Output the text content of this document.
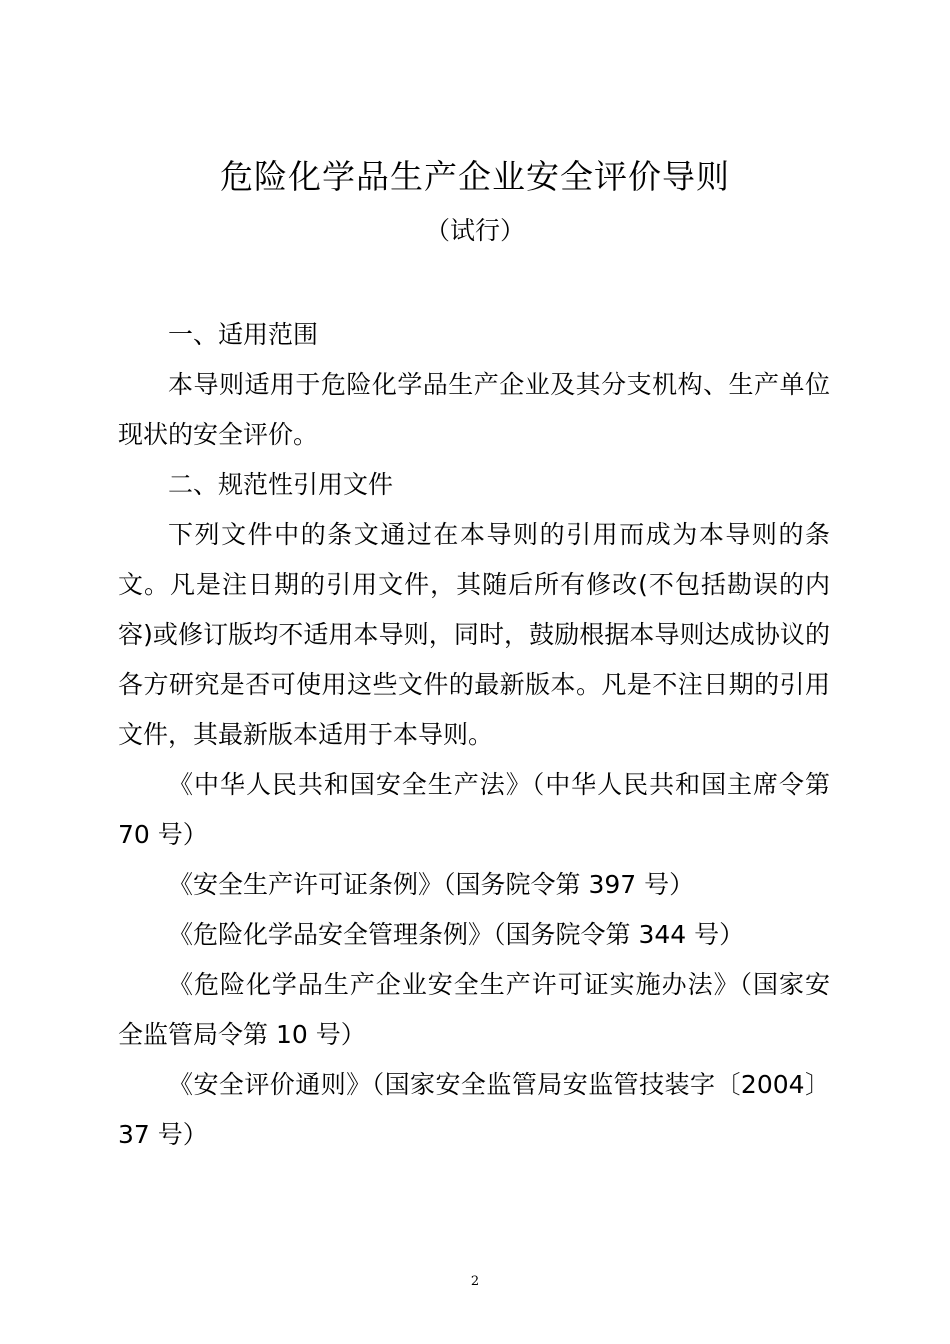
危险化学品生产企业安全评价导则
（试行）

一、适用范围

本导则适用于危险化学品生产企业及其分支机构、生产单位现状的安全评价。

二、规范性引用文件

下列文件中的条文通过在本导则的引用而成为本导则的条文。凡是注日期的引用文件，其随后所有修改(不包括勘误的内容)或修订版均不适用本导则，同时，鼓励根据本导则达成协议的各方研究是否可使用这些文件的最新版本。凡是不注日期的引用文件，其最新版本适用于本导则。

《中华人民共和国安全生产法》（中华人民共和国主席令第 70 号）

《安全生产许可证条例》（国务院令第 397 号）

《危险化学品安全管理条例》（国务院令第 344 号）

《危险化学品生产企业安全生产许可证实施办法》（国家安全监管局令第 10 号）

《安全评价通则》（国家安全监管局安监管技装字〔2004〕37 号）

2
